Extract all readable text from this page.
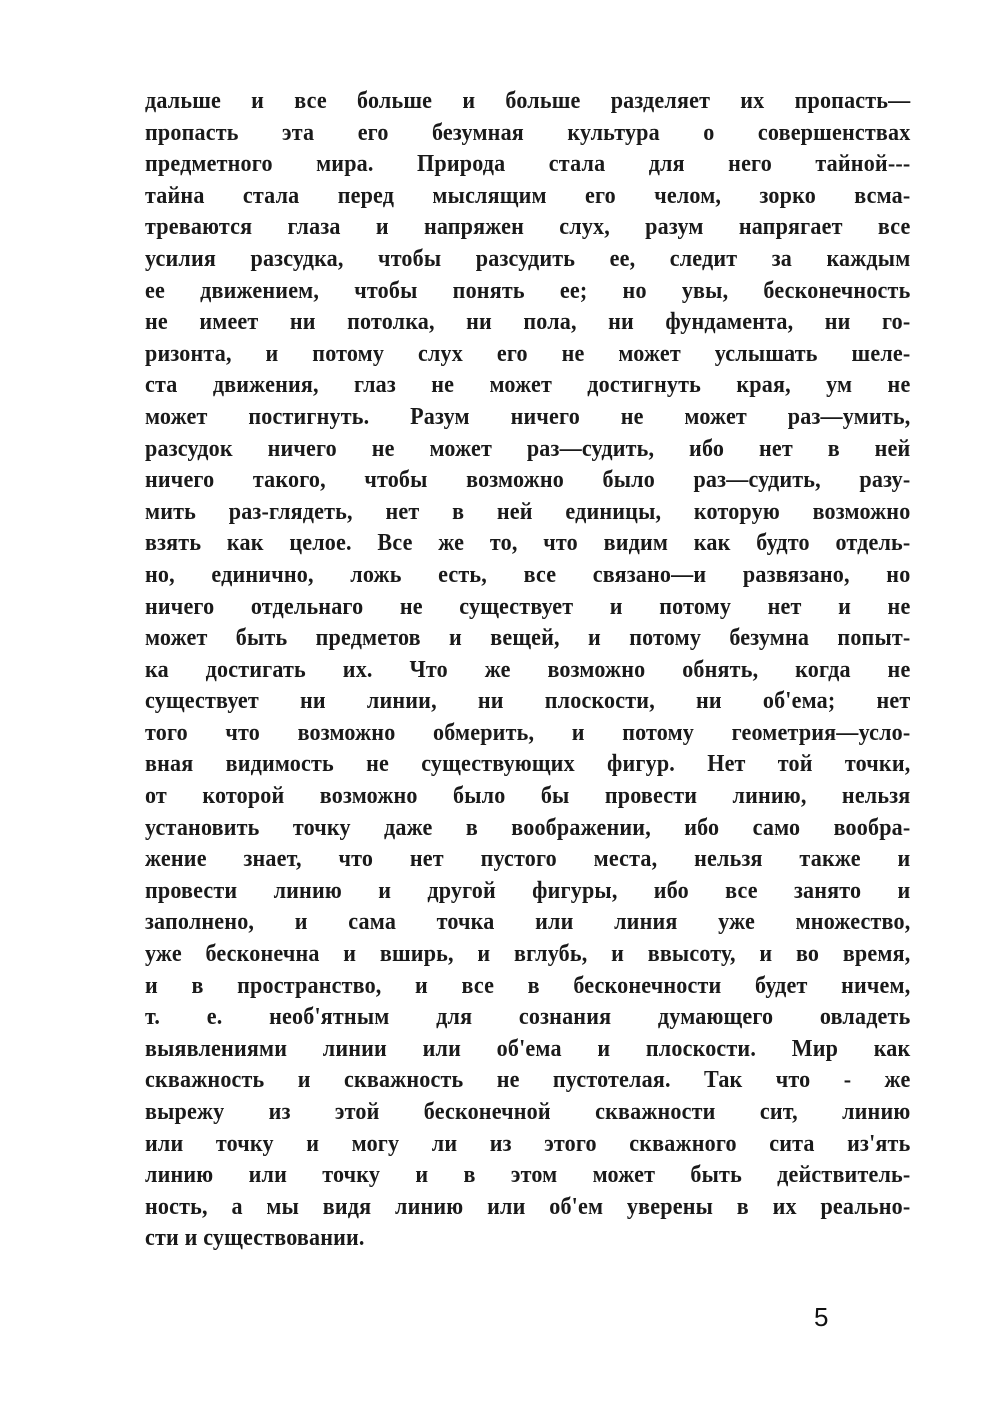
дальше и все больше и больше разделяет их пропасть—
пропасть эта его безумная культура о совершенствах
предметного мира. Природа стала для него тайной---
тайна стала перед мыслящим его челом, зорко всма-
треваются глаза и напряжен слух, разум напрягает все
усилия разсудка, чтобы разсудить ее, следит за каждым
ее движением, чтобы понять ее; но увы, бесконечность
не имеет ни потолка, ни пола, ни фундамента, ни го-
ризонта, и потому слух его не может услышать шеле-
ста движения, глаз не может достигнуть края, ум не
может постигнуть. Разум ничего не может раз—умить,
разсудок ничего не может раз—судить, ибо нет в ней
ничего такого, чтобы возможно было раз—судить, разу-
мить раз-глядеть, нет в ней единицы, которую возможно
взять как целое. Все же то, что видим как будто отдель-
но, единично, ложь есть, все связано—и развязано, но
ничего отдельнаго не существует и потому нет и не
может быть предметов и вещей, и потому безумна попыт-
ка достигать их. Что же возможно обнять, когда не
существует ни линии, ни плоскости, ни об'ема; нет
того что возможно обмерить, и потому геометрия—усло-
вная видимость не существующих фигур. Нет той точки,
от которой возможно было бы провести линию, нельзя
установить точку даже в воображении, ибо само вообра-
жение знает, что нет пустого места, нельзя также и
провести линию и другой фигуры, ибо все занято и
заполнено, и сама точка или линия уже множество,
уже бесконечна и вширь, и вглубь, и ввысоту, и во время,
и в пространство, и все в бесконечности будет ничем,
т. е. необ'ятным для сознания думающего овладеть
выявлениями линии или об'ема и плоскости. Мир как
скважность и скважность не пустотелая. Так что - же
вырежу из этой бесконечной скважности сит, линию
или точку и могу ли из этого скважного сита из'ять
линию или точку и в этом может быть действитель-
ность, а мы видя линию или об'ем уверены в их реально-
сти и существовании.
5
